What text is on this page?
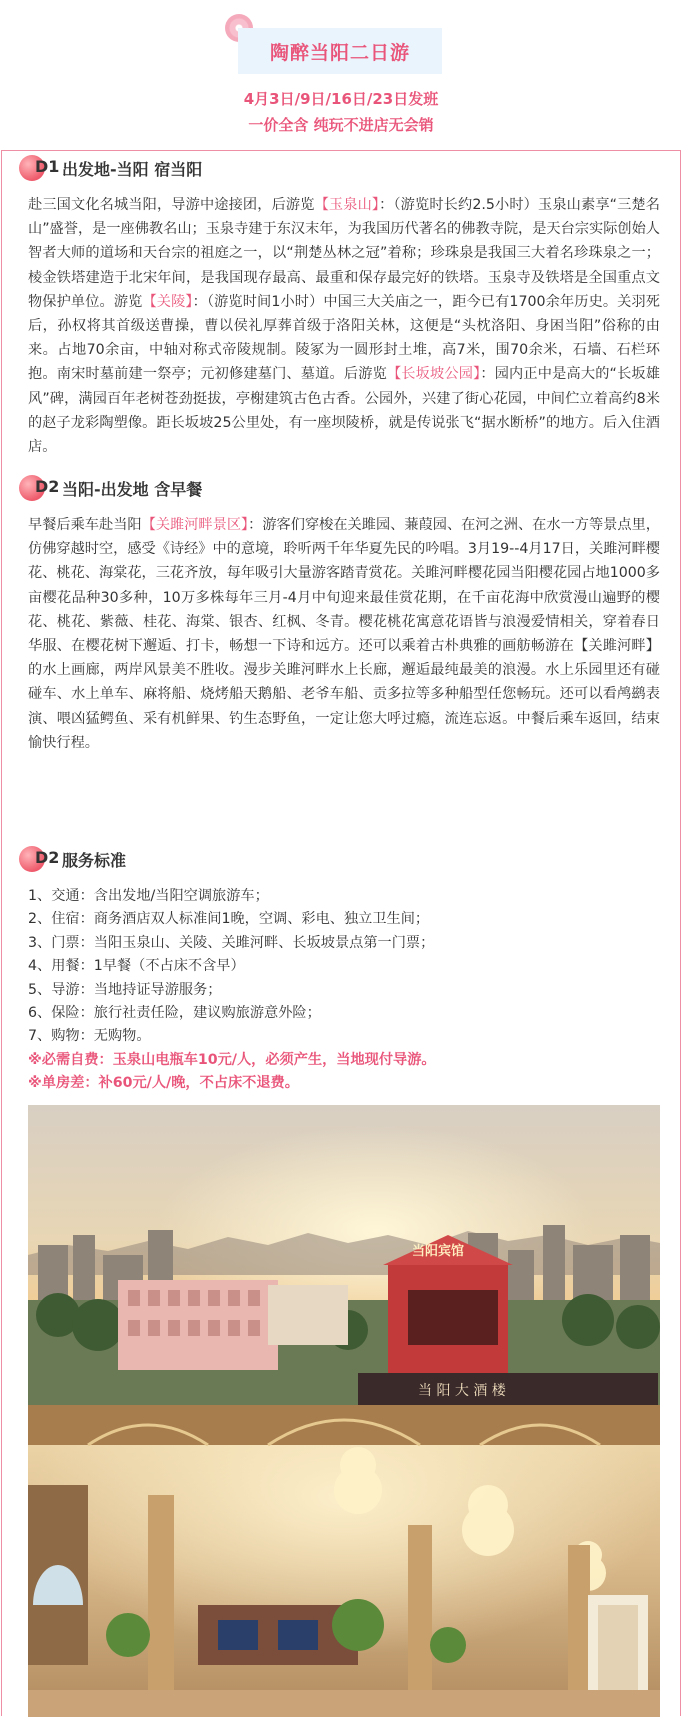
陶醉当阳二日游
4月3日/9日/16日/23日发班
一价全含 纯玩不进店无会销
D1 出发地-当阳 宿当阳
赴三国文化名城当阳，导游中途接团，后游览【玉泉山】：（游览时长约2.5小时）玉泉山素享“三楚名山”盛誉，是一座佛教名山；玉泉寺建于东汉末年，为我国历代著名的佛教寺院，是天台宗实际创始人智者大师的道场和天台宗的祖庭之一，以“荆楚丛林之冠”着称；珍珠泉是我国三大着名珍珠泉之一；棱金铁塔建造于北宋年间，是我国现存最高、最重和保存最完好的铁塔。玉泉寺及铁塔是全国重点文物保护单位。游览【关陵】：（游览时间1小时）中国三大关庙之一，距今已有1700余年历史。关羽死后，孙权将其首级送曹操，曹以侯礼厚葬首级于洛阳关林，这便是“头枕洛阳、身困当阳”俗称的由来。占地70余亩，中轴对称式帝陵规制。陵冢为一圆形封土堆，高7米，围70余米，石墙、石栏环抱。南宋时墓前建一祭亭；元初修建墓门、墓道。后游览【长坂坡公园】：园内正中是高大的“长坂雄风”碑，满园百年老树苍劲挺拔，亭榭建筑古色古香。公园外，兴建了街心花园，中间伫立着高约8米的赵子龙彩陶塑像。距长坂坡25公里处，有一座坝陵桥，就是传说张飞“据水断桥”的地方。后入住酒店。
D2 当阳-出发地 含早餐
早餐后乘车赴当阳【关雎河畔景区】：游客们穿梭在关雎园、蒹葭园、在河之洲、在水一方等景点里，仿佛穿越时空，感受《诗经》中的意境，聆听两千年华夏先民的吟唱。3月19--4月17日，关雎河畔樱花、桃花、海棠花，三花齐放，每年吸引大量游客踏青赏花。关雎河畔樱花园当阳樱花园占地1000多亩樱花品种30多种，10万多株每年三月-4月中旬迎来最佳赏花期，在千亩花海中欣赏漫山遍野的樱花、桃花、紫薇、桂花、海棠、银杏、红枫、冬青。樱花桃花寓意花语皆与浪漫爱情相关，穿着春日华服、在樱花树下邂逅、打卡，畅想一下诗和远方。还可以乘着古朴典雅的画舫畅游在【关雎河畔】的水上画廊，两岸风景美不胜收。漫步关雎河畔水上长廊，邂逅最纯最美的浪漫。水上乐园里还有碰碰车、水上单车、麻将船、烧烤船天鹅船、老爷车船、贡多拉等多种船型任您畅玩。还可以看鸬鹚表演、喂凶猛鳄鱼、采有机鲜果、钓生态野鱼，一定让您大呼过瘾，流连忘返。中餐后乘车返回，结束愉快行程。
D2 服务标准
1、交通：含出发地/当阳空调旅游车；
2、住宿：商务酒店双人标准间1晚，空调、彩电、独立卫生间；
3、门票：当阳玉泉山、关陵、关雎河畔、长坂坡景点第一门票；
4、用餐：1早餐（不占床不含早）
5、导游：当地持证导游服务；
6、保险：旅行社责任险，建议购旅游意外险；
7、购物：无购物。
※必需自费：玉泉山电瓶车10元/人，必须产生，当地现付导游。
※单房差：补60元/人/晚，不占床不退费。
当阳宾馆
当 阳 大 酒 楼
